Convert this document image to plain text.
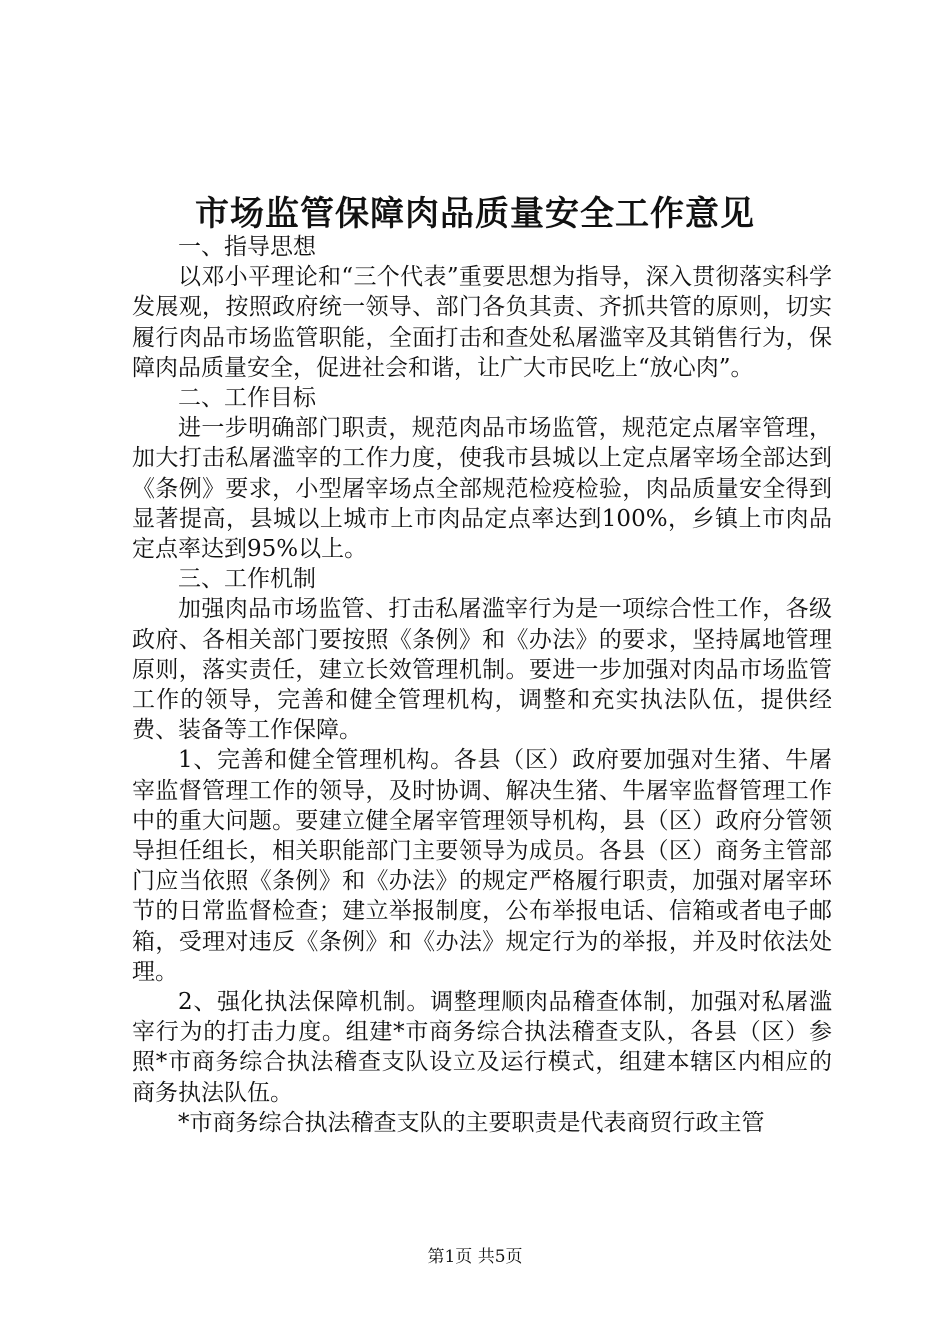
市场监管保障肉品质量安全工作意见

一、指导思想

以邓小平理论和“三个代表”重要思想为指导，深入贯彻落实科学发展观，按照政府统一领导、部门各负其责、齐抓共管的原则，切实履行肉品市场监管职能，全面打击和查处私屠滥宰及其销售行为，保障肉品质量安全，促进社会和谐，让广大市民吃上“放心肉”。

二、工作目标

进一步明确部门职责，规范肉品市场监管，规范定点屠宰管理，加大打击私屠滥宰的工作力度，使我市县城以上定点屠宰场全部达到《条例》要求，小型屠宰场点全部规范检疫检验，肉品质量安全得到显著提高，县城以上城市上市肉品定点率达到100%，乡镇上市肉品定点率达到95%以上。

三、工作机制

加强肉品市场监管、打击私屠滥宰行为是一项综合性工作，各级政府、各相关部门要按照《条例》和《办法》的要求，坚持属地管理原则，落实责任，建立长效管理机制。要进一步加强对肉品市场监管工作的领导，完善和健全管理机构，调整和充实执法队伍，提供经费、装备等工作保障。

1、完善和健全管理机构。各县（区）政府要加强对生猪、牛屠宰监督管理工作的领导，及时协调、解决生猪、牛屠宰监督管理工作中的重大问题。要建立健全屠宰管理领导机构，县（区）政府分管领导担任组长，相关职能部门主要领导为成员。各县（区）商务主管部门应当依照《条例》和《办法》的规定严格履行职责，加强对屠宰环节的日常监督检查；建立举报制度，公布举报电话、信箱或者电子邮箱，受理对违反《条例》和《办法》规定行为的举报，并及时依法处理。

2、强化执法保障机制。调整理顺肉品稽查体制，加强对私屠滥宰行为的打击力度。组建*市商务综合执法稽查支队，各县（区）参照*市商务综合执法稽查支队设立及运行模式，组建本辖区内相应的商务执法队伍。

*市商务综合执法稽查支队的主要职责是代表商贸行政主管

第1页 共5页
